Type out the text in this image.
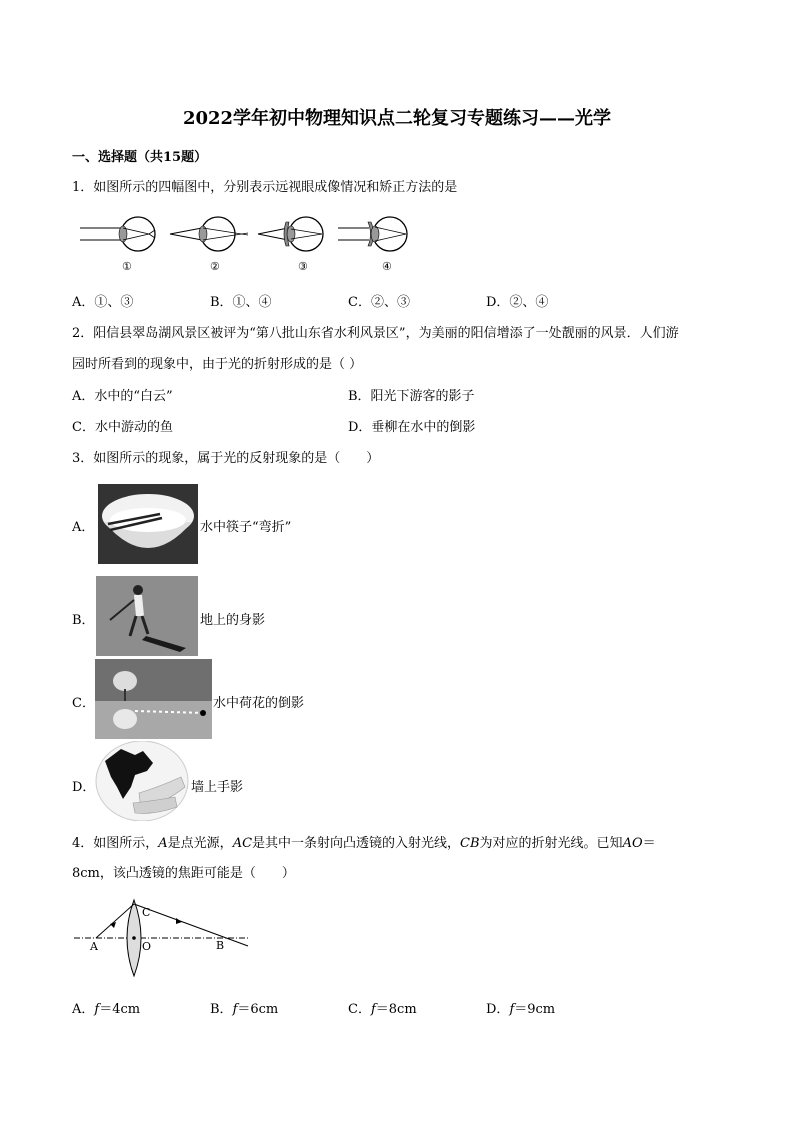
2022学年初中物理知识点二轮复习专题练习——光学
一、选择题（共15题）
1．如图所示的四幅图中，分别表示远视眼成像情况和矫正方法的是
①	②	③	④
A．①、③	B．①、④	C．②、③	D．②、④
2．阳信县翠岛湖风景区被评为“第八批山东省水利风景区”，为美丽的阳信增添了一处靓丽的风景．人们游
园时所看到的现象中，由于光的折射形成的是（ ）
A．水中的“白云”	B．阳光下游客的影子
C．水中游动的鱼	D．垂柳在水中的倒影
3．如图所示的现象，属于光的反射现象的是（　　）
A．	水中筷子“弯折”
B．	地上的身影
C．	水中荷花的倒影
D．	墙上手影
4．如图所示，A是点光源，AC是其中一条射向凸透镜的入射光线，CB为对应的折射光线。已知AO＝
8cm，该凸透镜的焦距可能是（　　）
A
C
O	B
A．f＝4cm	B．f＝6cm	C．f＝8cm	D．f＝9cm
